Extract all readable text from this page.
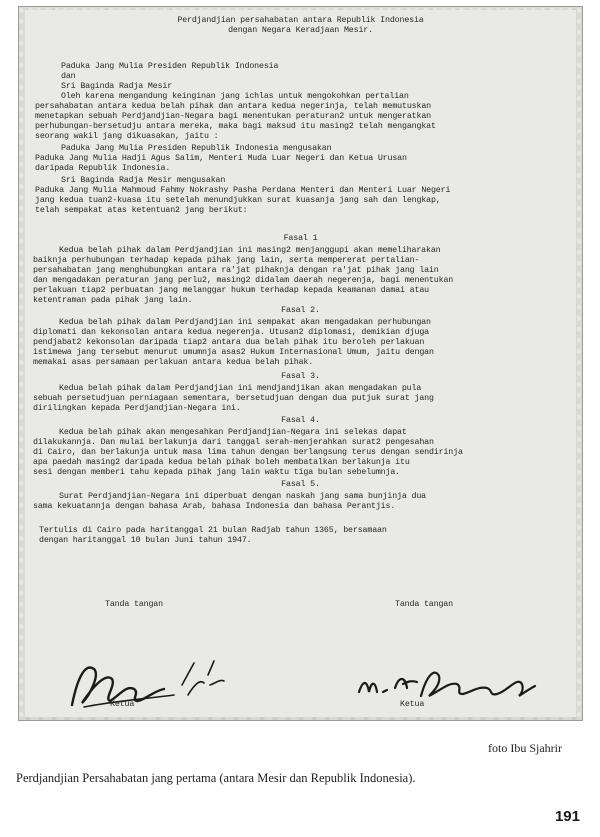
Perdjandjian persahabatan antara Republik Indonesia
dengan Negara Keradjaan Mesir.
Paduka Jang Mulia Presiden Republik Indonesia
dan
Sri Baginda Radja Mesir
Oleh karena mengandung keinginan jang ichlas untuk mengokohkan pertalian
persahabatan antara kedua belah pihak dan antara kedua negerinja, telah memutuskan
menetapkan sebuah Perdjandjian-Negara bagi menentukan peraturan2 untuk mengeratkan
perhubungan-bersetudju antara mereka, maka bagi maksud itu masing2 telah mengangkat
seorang wakil jang dikuasakan, jaitu :
Paduka Jang Mulia Presiden Republik Indonesia mengusakan
Paduka Jang Mulia Hadji Agus Salim, Menteri Muda Luar Negeri dan Ketua Urusan
daripada Republik Indonesia.
Sri Baginda Radja Mesir mengusakan
Paduka Jang Mulia Mahmoud Fahmy Nokrashy Pasha Perdana Menteri dan Menteri Luar Negeri
jang kedua tuan2-kuasa itu setelah menundjukkan surat kuasanja jang sah dan lengkap,
telah sempakat atas ketentuan2 jang berikut:
Fasal 1
Kedua belah pihak dalam Perdjandjian ini masing2 menjanggupi akan memeliharakan
baiknja perhubungan terhadap kepada pihak jang lain, serta mempererat pertalian-
persahabatan jang menghubungkan antara ra'jat pihaknja dengan ra'jat pihak jang lain
dan mengadakan peraturan jang perlu2, masing2 didalam daerah negerenja, bagi menentukan
perlakuan tiap2 perbuatan jang melanggar hukum terhadap kepada keamanan damai atau
ketentraman pada pihak jang lain.
Fasal 2.
Kedua belah pihak dalam Perdjandjian ini sempakat akan mengadakan perhubungan
diplomati dan kekonsolan antara kedua negerenja. Utusan2 diplomasi, demikian djuga
pendjabat2 kekonsolan daripada tiap2 antara dua belah pihak itu beroleh perlakuan
istimewa jang tersebut menurut umumnja asas2 Hukum Internasional Umum, jaitu dengan
memakai asas persamaan perlakuan antara kedua belah pihak.
Fasal 3.
Kedua belah pihak dalam Perdjandjian ini mendjandjikan akan mengadakan pula
sebuah persetudjuan perniagaan sementara, bersetudjuan dengan dua putjuk surat jang
dirilingkan kepada Perdjandjian-Negara ini.
Fasal 4.
Kedua belah pihak akan mengesahkan Perdjandjian-Negara ini selekas dapat
dilakukannja. Dan mulai berlakunja dari tanggal serah-menjerahkan surat2 pengesahan
di Cairo, dan berlakunja untuk masa lima tahun dengan berlangsung terus dengan sendirinja
apa paedah masing2 daripada kedua belah pihak boleh membatalkan berlakunja itu
sesi dengan memberi tahu kepada pihak jang lain waktu tiga bulan sebelumnja.
Fasal 5.
Surat Perdjandjian-Negara ini diperbuat dengan naskah jang sama bunjinja dua
sama kekuatannja dengan bahasa Arab, bahasa Indonesia dan bahasa Perantjis.
Tertulis di Cairo pada haritanggal 21 bulan Radjab tahun 1365, bersamaan
dengan haritanggal 10 bulan Juni tahun 1947.
Tanda tangan	Tanda tangan
Ketua	Ketua
foto Ibu Sjahrir
Perdjandjian Persahabatan jang pertama (antara Mesir dan Republik Indonesia).
191
